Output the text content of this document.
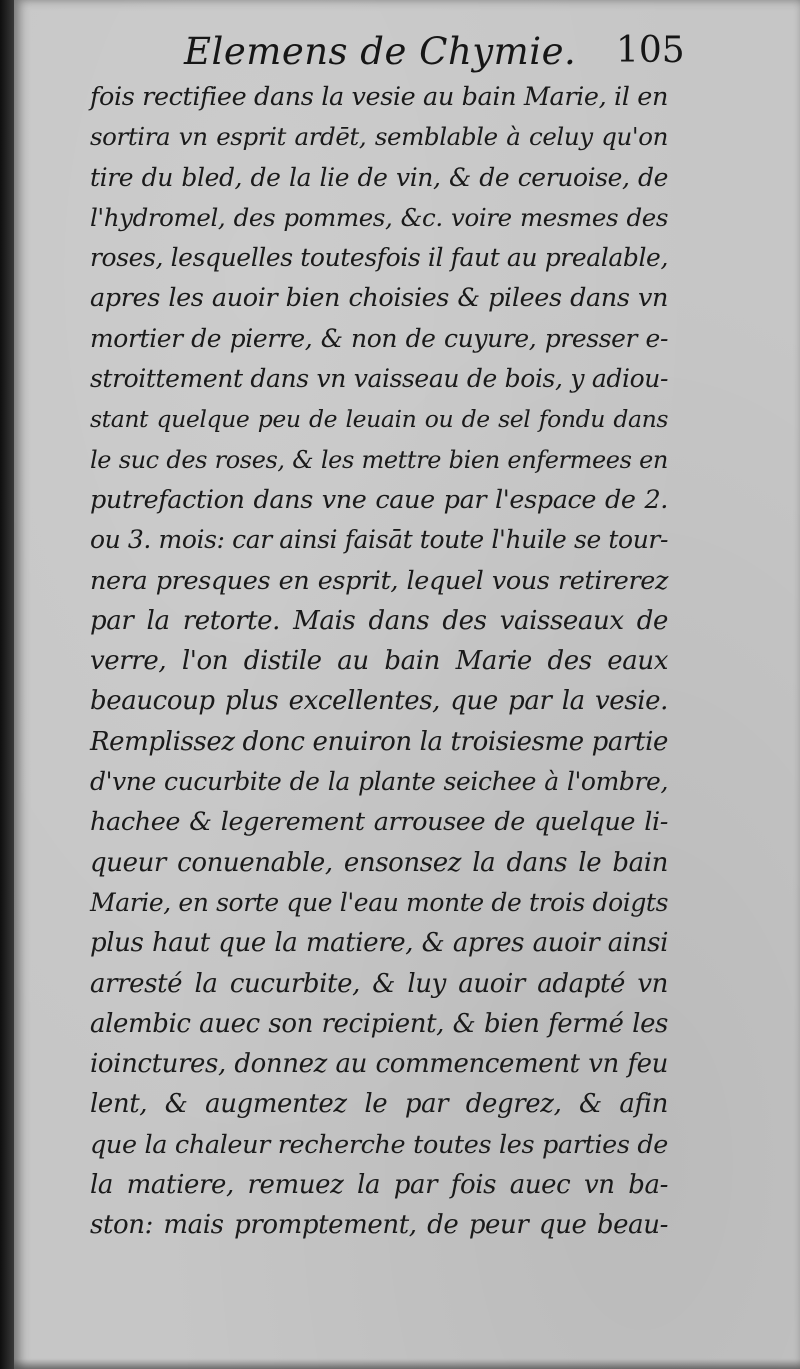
Elemens de Chymie. 105
fois rectifiee dans la vesie au bain Marie, il en
sortira vn esprit ardēt, semblable à celuy qu'on
tire du bled, de la lie de vin, & de ceruoise, de
l'hydromel, des pommes, &c. voire mesmes des
roses, lesquelles toutesfois il faut au prealable,
apres les auoir bien choisies & pilees dans vn
mortier de pierre, & non de cuyure, presser e-
stroittement dans vn vaisseau de bois, y adiou-
stant quelque peu de leuain ou de sel fondu dans
le suc des roses, & les mettre bien enfermees en
putrefaction dans vne caue par l'espace de 2.
ou 3. mois: car ainsi faisāt toute l'huile se tour-
nera presques en esprit, lequel vous retirerez
par la retorte. Mais dans des vaisseaux de
verre, l'on distile au bain Marie des eaux
beaucoup plus excellentes, que par la vesie.
Remplissez donc enuiron la troisiesme partie
d'vne cucurbite de la plante seichee à l'ombre,
hachee & legerement arrousee de quelque li-
queur conuenable, ensonsez la dans le bain
Marie, en sorte que l'eau monte de trois doigts
plus haut que la matiere, & apres auoir ainsi
arresté la cucurbite, & luy auoir adapté vn
alembic auec son recipient, & bien fermé les
ioinctures, donnez au commencement vn feu
lent, & augmentez le par degrez, & afin
que la chaleur recherche toutes les parties de
la matiere, remuez la par fois auec vn ba-
ston: mais promptement, de peur que beau-
